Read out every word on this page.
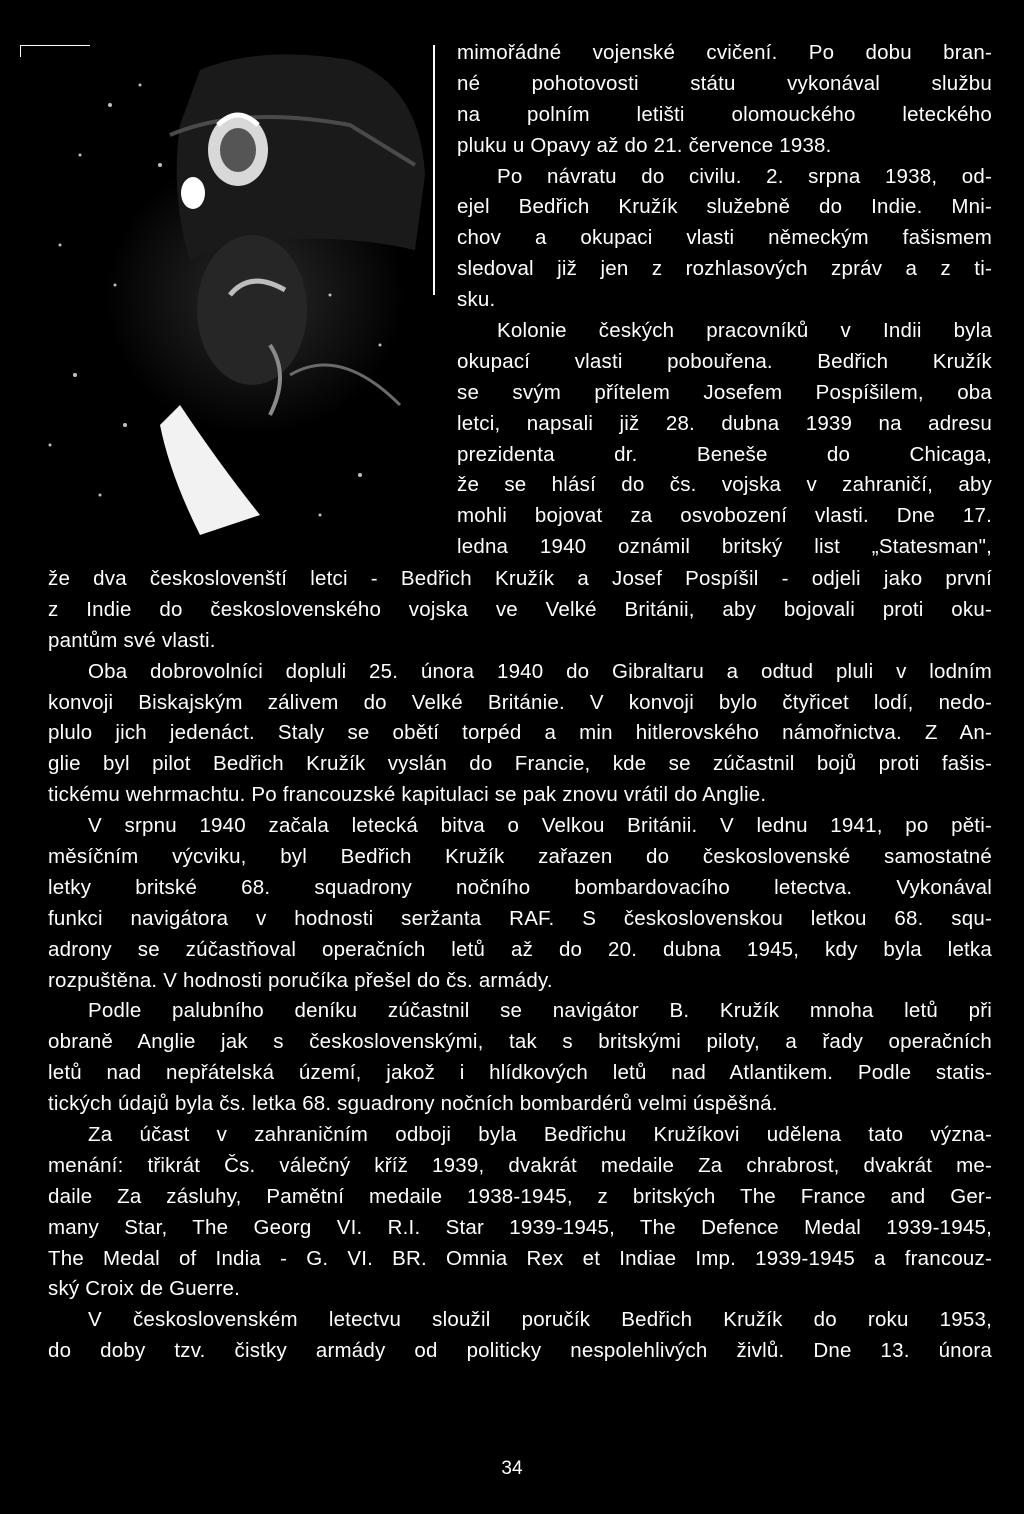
mimořádné vojenské cvičení. Po dobu bran-
né pohotovosti státu vykonával službu
na polním letišti olomouckého leteckého
pluku u Opavy až do 21. července 1938.
Po návratu do civilu. 2. srpna 1938, od-
ejel Bedřich Kružík služebně do Indie. Mni-
chov a okupaci vlasti německým fašismem
sledoval již jen z rozhlasových zpráv a z ti-
sku.
Kolonie českých pracovníků v Indii byla
okupací vlasti pobouřena. Bedřich Kružík
se svým přítelem Josefem Pospíšilem, oba
letci, napsali již 28. dubna 1939 na adresu
prezidenta dr. Beneše do Chicaga,
že se hlásí do čs. vojska v zahraničí, aby
mohli bojovat za osvobození vlasti. Dne 17.
ledna 1940 oznámil britský list „Statesman",
že dva českoslovenští letci - Bedřich Kružík a Josef Pospíšil - odjeli jako první
z Indie do československého vojska ve Velké Británii, aby bojovali proti oku-
pantům své vlasti.
Oba dobrovolníci dopluli 25. února 1940 do Gibraltaru a odtud pluli v lodním
konvoji Biskajským zálivem do Velké Británie. V konvoji bylo čtyřicet lodí, nedo-
plulo jich jedenáct. Staly se obětí torpéd a min hitlerovského námořnictva. Z An-
glie byl pilot Bedřich Kružík vyslán do Francie, kde se zúčastnil bojů proti fašis-
tickému wehrmachtu. Po francouzské kapitulaci se pak znovu vrátil do Anglie.
V srpnu 1940 začala letecká bitva o Velkou Británii. V lednu 1941, po pěti-
měsíčním výcviku, byl Bedřich Kružík zařazen do československé samostatné
letky britské 68. squadrony nočního bombardovacího letectva. Vykonával
funkci navigátora v hodnosti seržanta RAF. S československou letkou 68. squ-
adrony se zúčastňoval operačních letů až do 20. dubna 1945, kdy byla letka
rozpuštěna. V hodnosti poručíka přešel do čs. armády.
Podle palubního deníku zúčastnil se navigátor B. Kružík mnoha letů při
obraně Anglie jak s československými, tak s britskými piloty, a řady operačních
letů nad nepřátelská území, jakož i hlídkových letů nad Atlantikem. Podle statis-
tických údajů byla čs. letka 68. sguadrony nočních bombardérů velmi úspěšná.
Za účast v zahraničním odboji byla Bedřichu Kružíkovi udělena tato význa-
menání: třikrát Čs. válečný kříž 1939, dvakrát medaile Za chrabrost, dvakrát me-
daile Za zásluhy, Pamětní medaile 1938-1945, z britských The France and Ger-
many Star, The Georg VI. R.I. Star 1939-1945, The Defence Medal 1939-1945,
The Medal of India - G. VI. BR. Omnia Rex et Indiae Imp. 1939-1945 a francouz-
ský Croix de Guerre.
V československém letectvu sloužil poručík Bedřich Kružík do roku 1953,
do doby tzv. čistky armády od politicky nespolehlivých živlů. Dne 13. února
34
